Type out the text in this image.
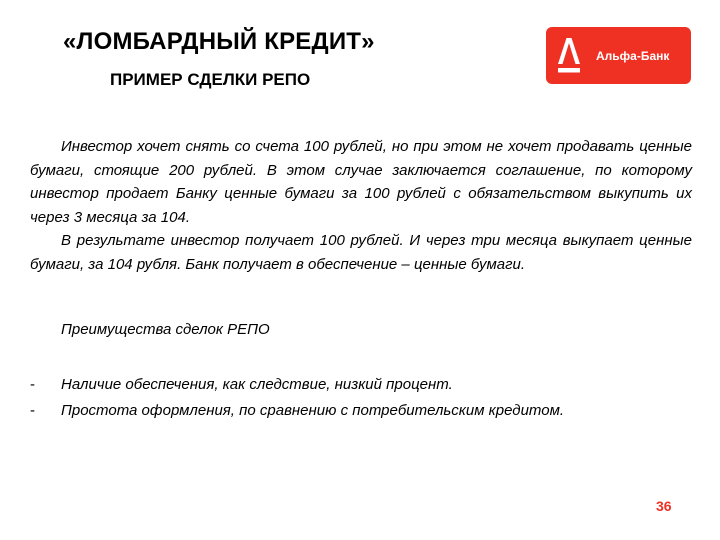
«ЛОМБАРДНЫЙ КРЕДИТ»
ПРИМЕР СДЕЛКИ РЕПО
Альфа-Банк

Инвестор хочет снять со счета 100 рублей, но при этом не хочет продавать ценные бумаги, стоящие 200 рублей. В этом случае заключается соглашение, по которому инвестор продает Банку ценные бумаги за 100 рублей с обязательством выкупить их через 3 месяца за 104.

В результате инвестор получает 100 рублей. И через три месяца выкупает ценные бумаги, за 104 рубля. Банк получает в обеспечение – ценные бумаги.

Преимущества сделок РЕПО

-	Наличие обеспечения, как следствие, низкий процент.
-	Простота оформления, по сравнению с потребительским кредитом.
36
